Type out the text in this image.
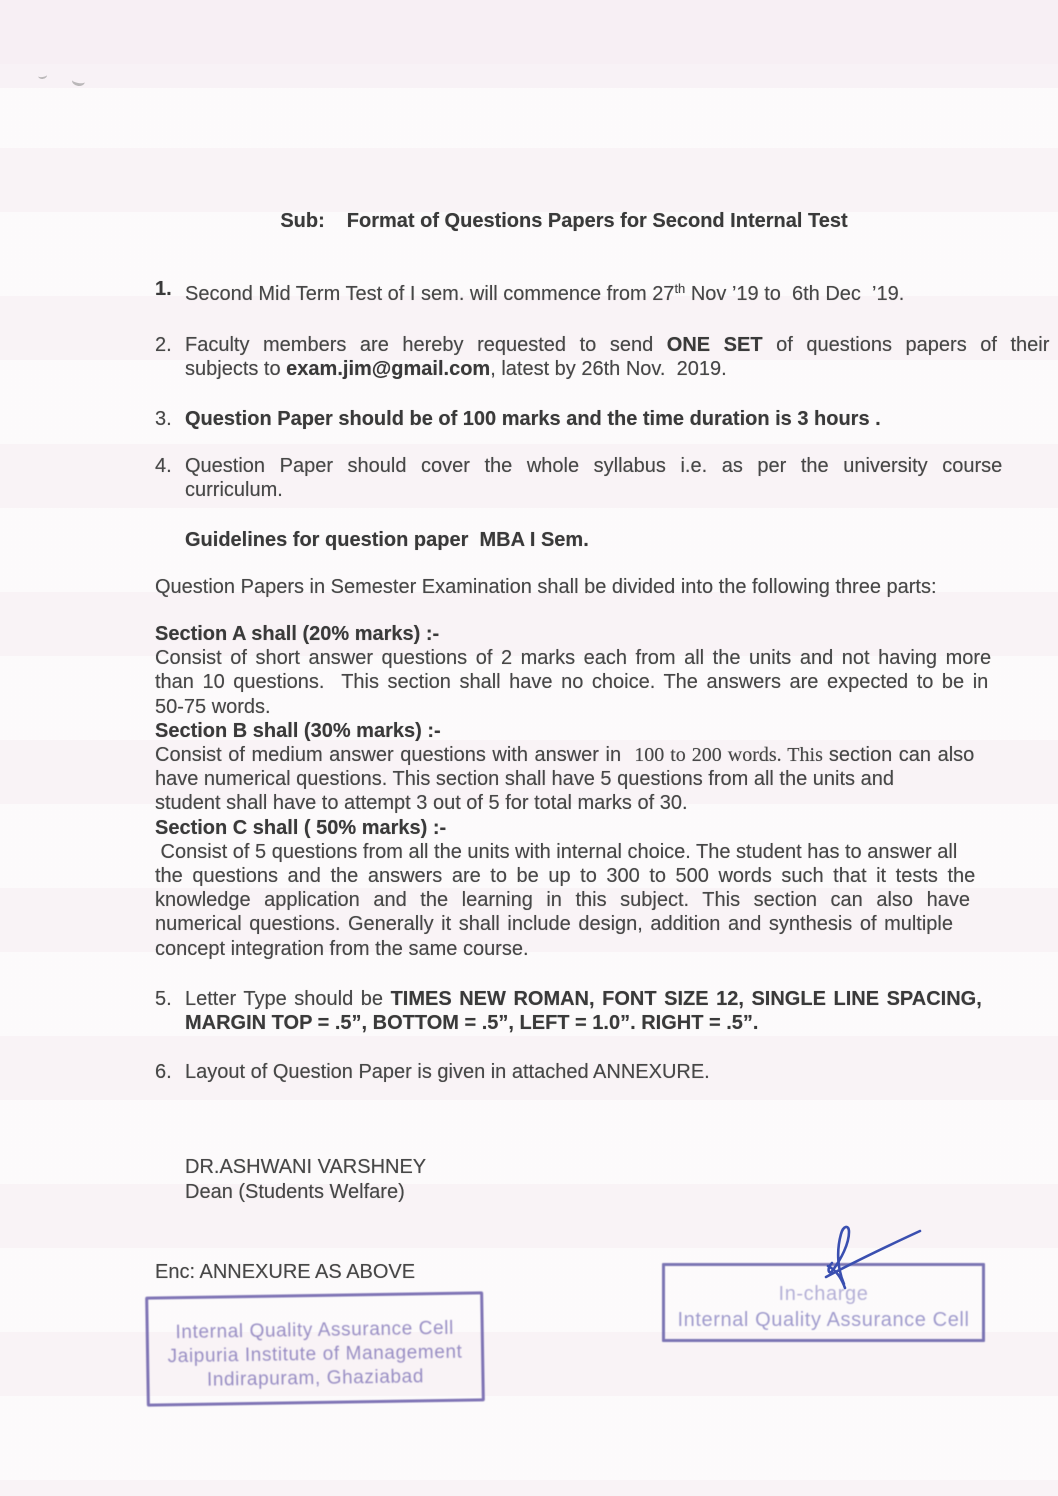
Sub: Format of Questions Papers for Second Internal Test

1. Second Mid Term Test of I sem. will commence from 27th Nov ’19 to  6th Dec  ’19.
2. Faculty members are hereby requested to send ONE SET of questions papers of their
subjects to exam.jim@gmail.com, latest by 26th Nov.  2019.
3. Question Paper should be of 100 marks and the time duration is 3 hours .
4. Question Paper should cover the whole syllabus i.e. as per the university course
curriculum.
Guidelines for question paper  MBA I Sem.
Question Papers in Semester Examination shall be divided into the following three parts:
Section A shall (20% marks) :-
Consist of short answer questions of 2 marks each from all the units and not having more
than 10 questions.  This section shall have no choice. The answers are expected to be in
50-75 words.
Section B shall (30% marks) :-
Consist of medium answer questions with answer in  100 to 200 words. This section can also
have numerical questions. This section shall have 5 questions from all the units and
student shall have to attempt 3 out of 5 for total marks of 30.
Section C shall ( 50% marks) :-
Consist of 5 questions from all the units with internal choice. The student has to answer all
the questions and the answers are to be up to 300 to 500 words such that it tests the
knowledge application and the learning in this subject. This section can also have
numerical questions. Generally it shall include design, addition and synthesis of multiple
concept integration from the same course.
5. Letter Type should be TIMES NEW ROMAN, FONT SIZE 12, SINGLE LINE SPACING,
MARGIN TOP = .5”, BOTTOM = .5”, LEFT = 1.0”. RIGHT = .5”.
6. Layout of Question Paper is given in attached ANNEXURE.
DR.ASHWANI VARSHNEY
Dean (Students Welfare)
Enc: ANNEXURE AS ABOVE
Internal Quality Assurance Cell
Jaipuria Institute of Management
Indirapuram, Ghaziabad
In-charge
Internal Quality Assurance Cell
